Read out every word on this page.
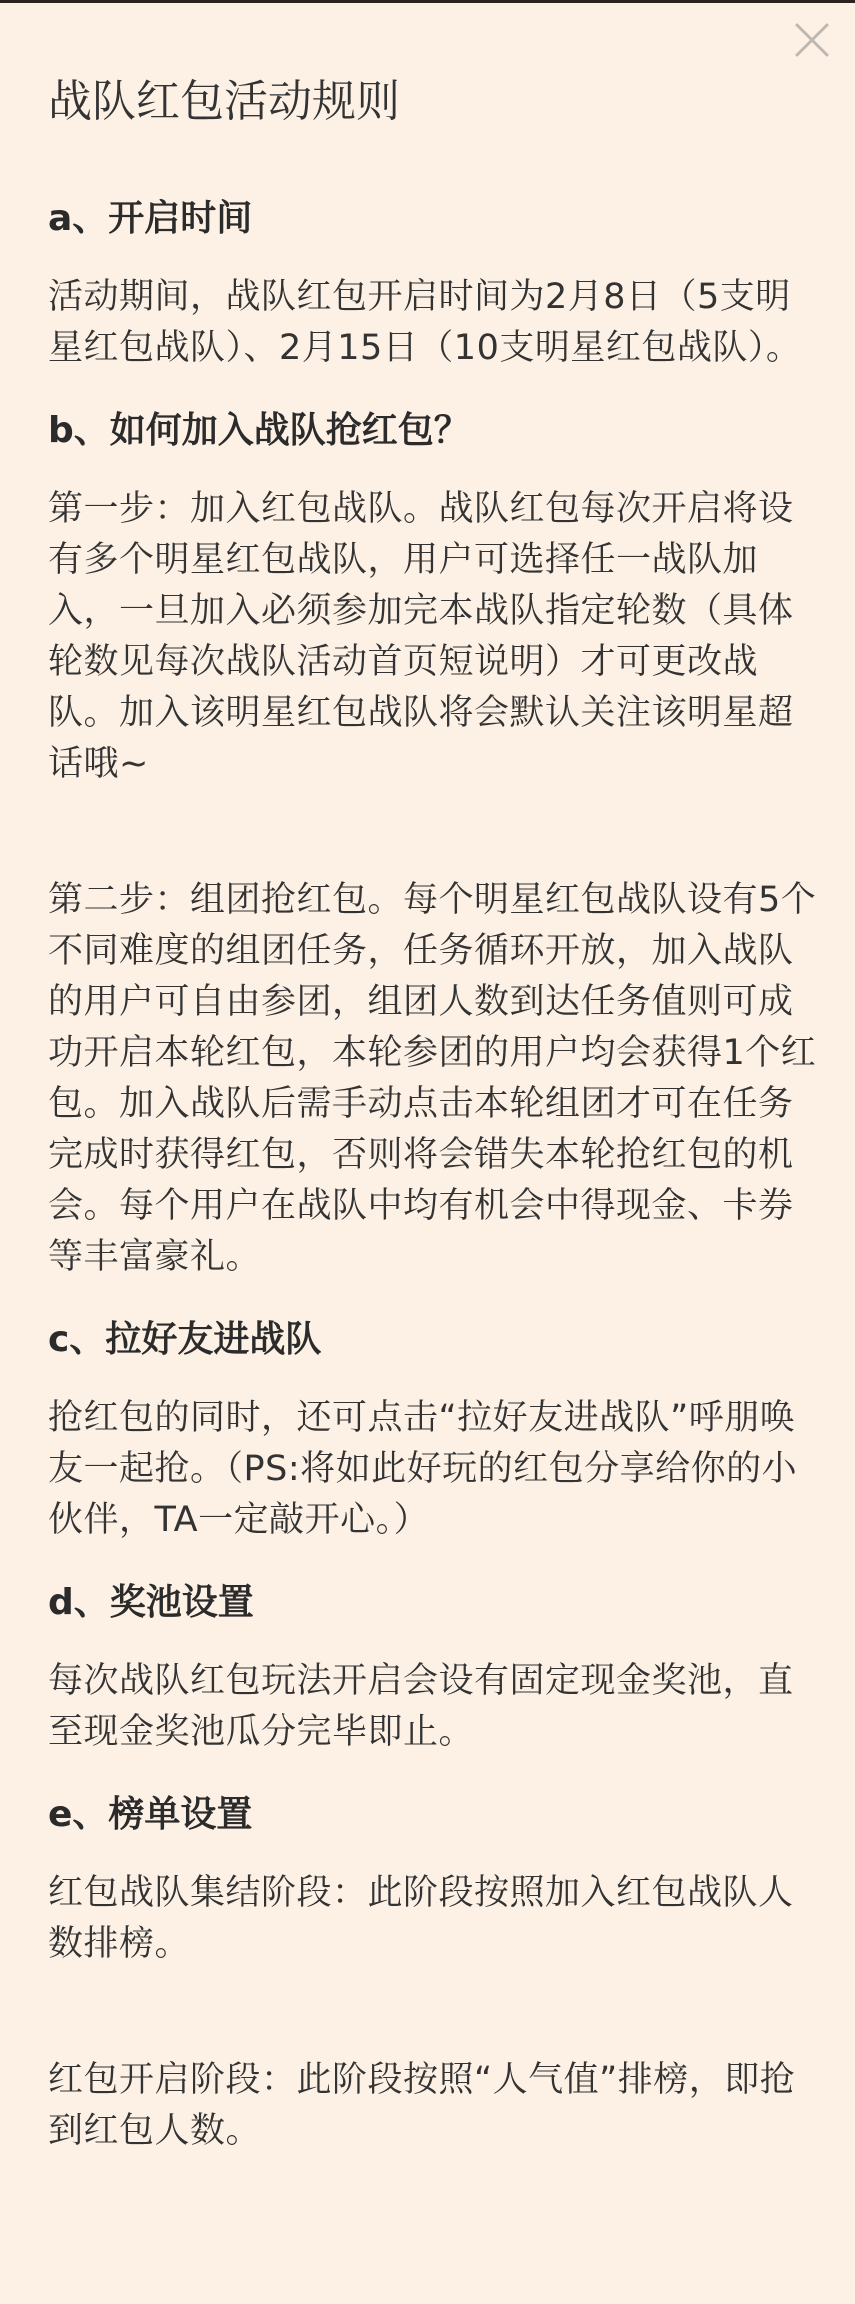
战队红包活动规则
a、开启时间

活动期间，战队红包开启时间为2月8日（5支明星红包战队）、2月15日（10支明星红包战队）。

b、如何加入战队抢红包？

第一步：加入红包战队。战队红包每次开启将设有多个明星红包战队，用户可选择任一战队加入，一旦加入必须参加完本战队指定轮数（具体轮数见每次战队活动首页短说明）才可更改战队。加入该明星红包战队将会默认关注该明星超话哦~

第二步：组团抢红包。每个明星红包战队设有5个不同难度的组团任务，任务循环开放，加入战队的用户可自由参团，组团人数到达任务值则可成功开启本轮红包，本轮参团的用户均会获得1个红包。加入战队后需手动点击本轮组团才可在任务完成时获得红包，否则将会错失本轮抢红包的机会。每个用户在战队中均有机会中得现金、卡券等丰富豪礼。

c、拉好友进战队

抢红包的同时，还可点击“拉好友进战队”呼朋唤友一起抢。（PS:将如此好玩的红包分享给你的小伙伴，TA一定敲开心。）

d、奖池设置

每次战队红包玩法开启会设有固定现金奖池，直至现金奖池瓜分完毕即止。

e、榜单设置

红包战队集结阶段：此阶段按照加入红包战队人数排榜。

红包开启阶段：此阶段按照“人气值”排榜，即抢到红包人数。
